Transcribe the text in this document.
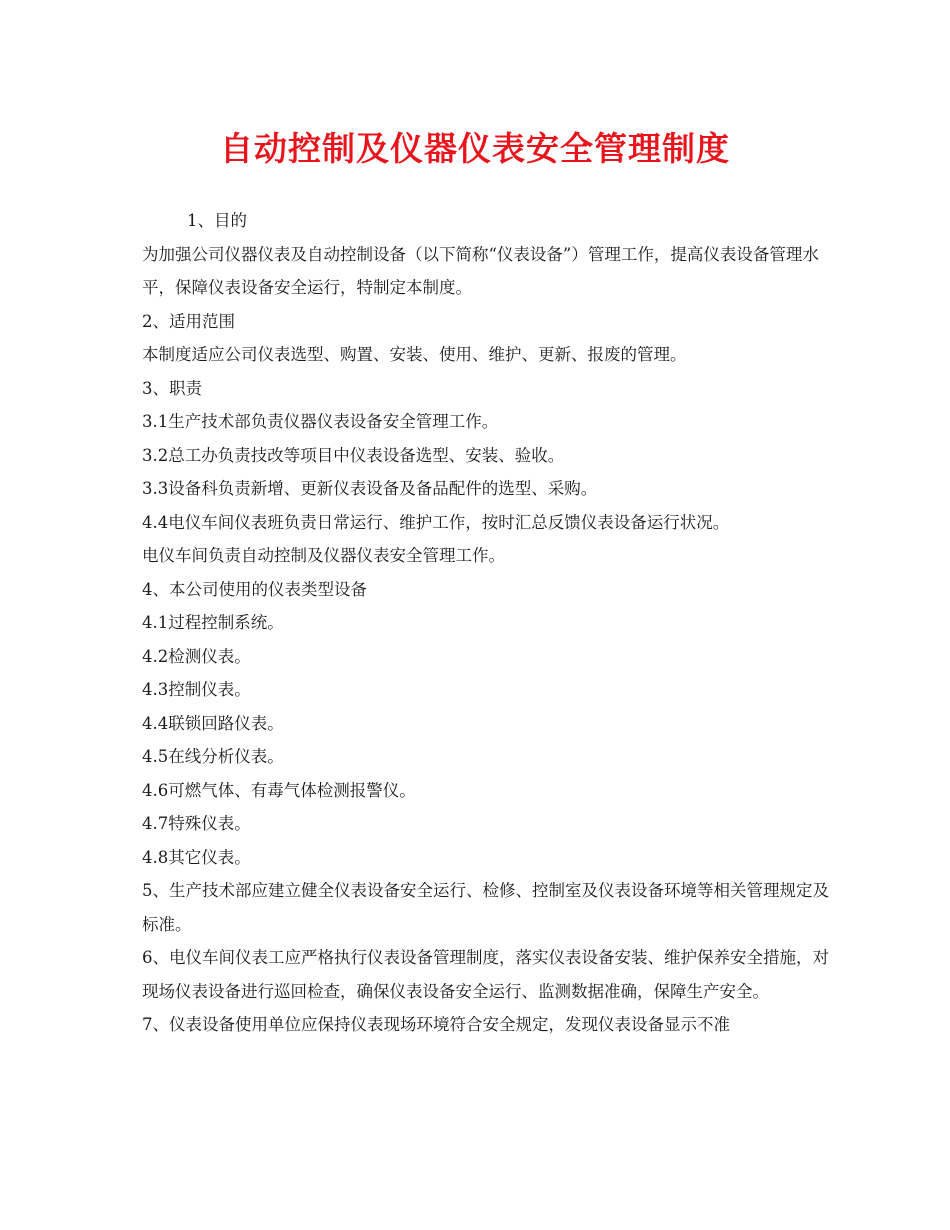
自动控制及仪器仪表安全管理制度

1、目的

为加强公司仪器仪表及自动控制设备（以下简称“仪表设备”）管理工作，提高仪表设备管理水平，保障仪表设备安全运行，特制定本制度。

2、适用范围

本制度适应公司仪表选型、购置、安装、使用、维护、更新、报废的管理。

3、职责

3.1生产技术部负责仪器仪表设备安全管理工作。

3.2总工办负责技改等项目中仪表设备选型、安装、验收。

3.3设备科负责新增、更新仪表设备及备品配件的选型、采购。

4.4电仪车间仪表班负责日常运行、维护工作，按时汇总反馈仪表设备运行状况。

电仪车间负责自动控制及仪器仪表安全管理工作。

4、本公司使用的仪表类型设备

4.1过程控制系统。

4.2检测仪表。

4.3控制仪表。

4.4联锁回路仪表。

4.5在线分析仪表。

4.6可燃气体、有毒气体检测报警仪。

4.7特殊仪表。

4.8其它仪表。

5、生产技术部应建立健全仪表设备安全运行、检修、控制室及仪表设备环境等相关管理规定及标准。

6、电仪车间仪表工应严格执行仪表设备管理制度，落实仪表设备安装、维护保养安全措施，对现场仪表设备进行巡回检查，确保仪表设备安全运行、监测数据准确，保障生产安全。

7、仪表设备使用单位应保持仪表现场环境符合安全规定，发现仪表设备显示不准
